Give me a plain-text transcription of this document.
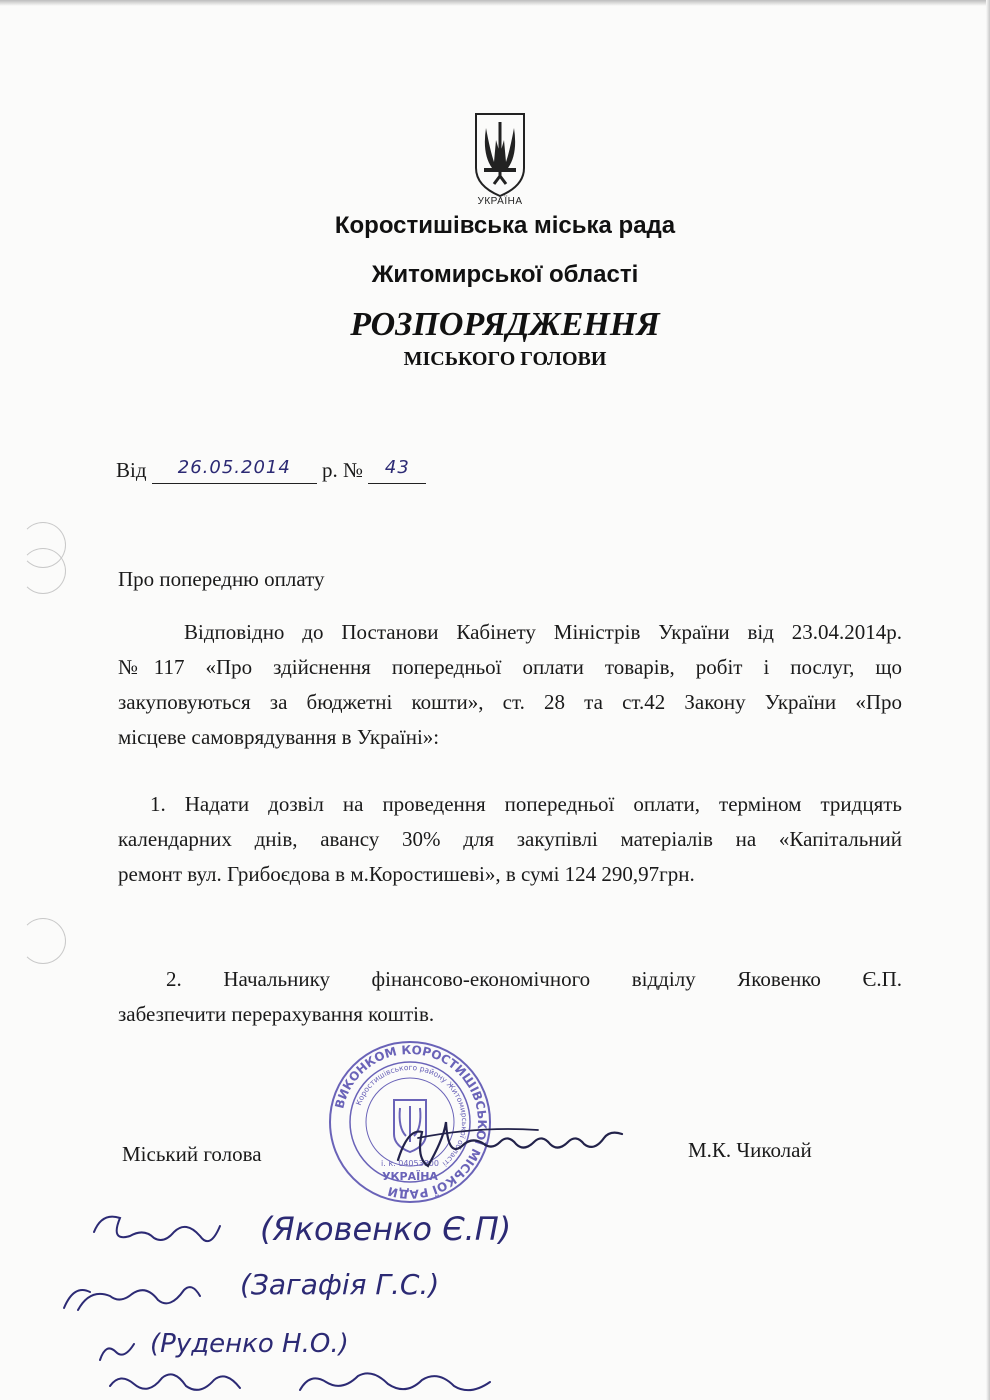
УКРАЇНА
Коростишівська міська рада
Житомирської області
РОЗПОРЯДЖЕННЯ
МІСЬКОГО ГОЛОВИ
Від 26.05.2014 р. № 43
Про попередню оплату

Відповідно до Постанови Кабінету Міністрів України від 23.04.2014р.

№117 «Про здійснення попередньої оплати товарів, робіт і послуг, що

закуповуються за бюджетні кошти», ст. 28 та ст.42 Закону України «Про

місцеве самоврядування в Україні»:

1. Надати дозвіл на проведення попередньої оплати, терміном тридцять

календарних днів, авансу 30% для закупівлі матеріалів на «Капітальний

ремонт вул. Грибоєдова в м.Коростишеві», в сумі 124 290,97грн.

2. Начальнику фінансово-економічного відділу Яковенко Є.П.

забезпечити перерахування коштів.

ВИКОНКОМ КОРОСТИШІВСЬКОЇ МІСЬКОЇ РАДИ
Коростишівського району Житомирської області
УКРАЇНА
і. к. 04053800
Міський голова	М.К. Чиколай
(Яковенко Є.П)
(Загафія Г.С.)
(Руденко Н.О.)
